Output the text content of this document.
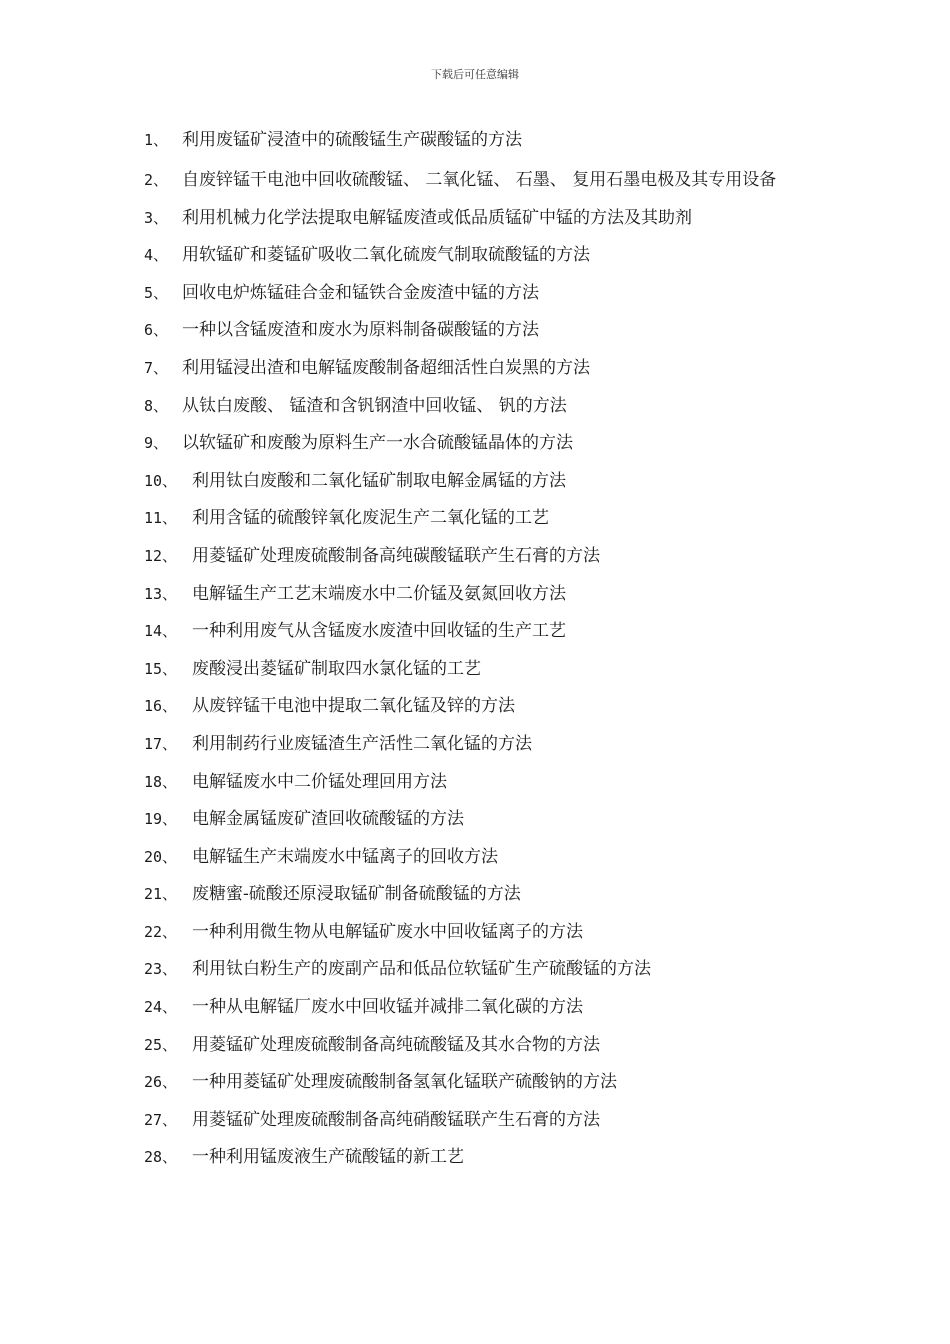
下载后可任意编辑
1、 利用废锰矿浸渣中的硫酸锰生产碳酸锰的方法
2、 自废锌锰干电池中回收硫酸锰、 二氧化锰、 石墨、 复用石墨电极及其专用设备
3、 利用机械力化学法提取电解锰废渣或低品质锰矿中锰的方法及其助剂
4、 用软锰矿和菱锰矿吸收二氧化硫废气制取硫酸锰的方法
5、 回收电炉炼锰硅合金和锰铁合金废渣中锰的方法
6、 一种以含锰废渣和废水为原料制备碳酸锰的方法
7、 利用锰浸出渣和电解锰废酸制备超细活性白炭黑的方法
8、 从钛白废酸、 锰渣和含钒钢渣中回收锰、 钒的方法
9、 以软锰矿和废酸为原料生产一水合硫酸锰晶体的方法
10、 利用钛白废酸和二氧化锰矿制取电解金属锰的方法
11、 利用含锰的硫酸锌氧化废泥生产二氧化锰的工艺
12、 用菱锰矿处理废硫酸制备高纯碳酸锰联产生石膏的方法
13、 电解锰生产工艺末端废水中二价锰及氨氮回收方法
14、 一种利用废气从含锰废水废渣中回收锰的生产工艺
15、 废酸浸出菱锰矿制取四水氯化锰的工艺
16、 从废锌锰干电池中提取二氧化锰及锌的方法
17、 利用制药行业废锰渣生产活性二氧化锰的方法
18、 电解锰废水中二价锰处理回用方法
19、 电解金属锰废矿渣回收硫酸锰的方法
20、 电解锰生产末端废水中锰离子的回收方法
21、 废糖蜜-硫酸还原浸取锰矿制备硫酸锰的方法
22、 一种利用微生物从电解锰矿废水中回收锰离子的方法
23、 利用钛白粉生产的废副产品和低品位软锰矿生产硫酸锰的方法
24、 一种从电解锰厂废水中回收锰并减排二氧化碳的方法
25、 用菱锰矿处理废硫酸制备高纯硫酸锰及其水合物的方法
26、 一种用菱锰矿处理废硫酸制备氢氧化锰联产硫酸钠的方法
27、 用菱锰矿处理废硫酸制备高纯硝酸锰联产生石膏的方法
28、 一种利用锰废液生产硫酸锰的新工艺
